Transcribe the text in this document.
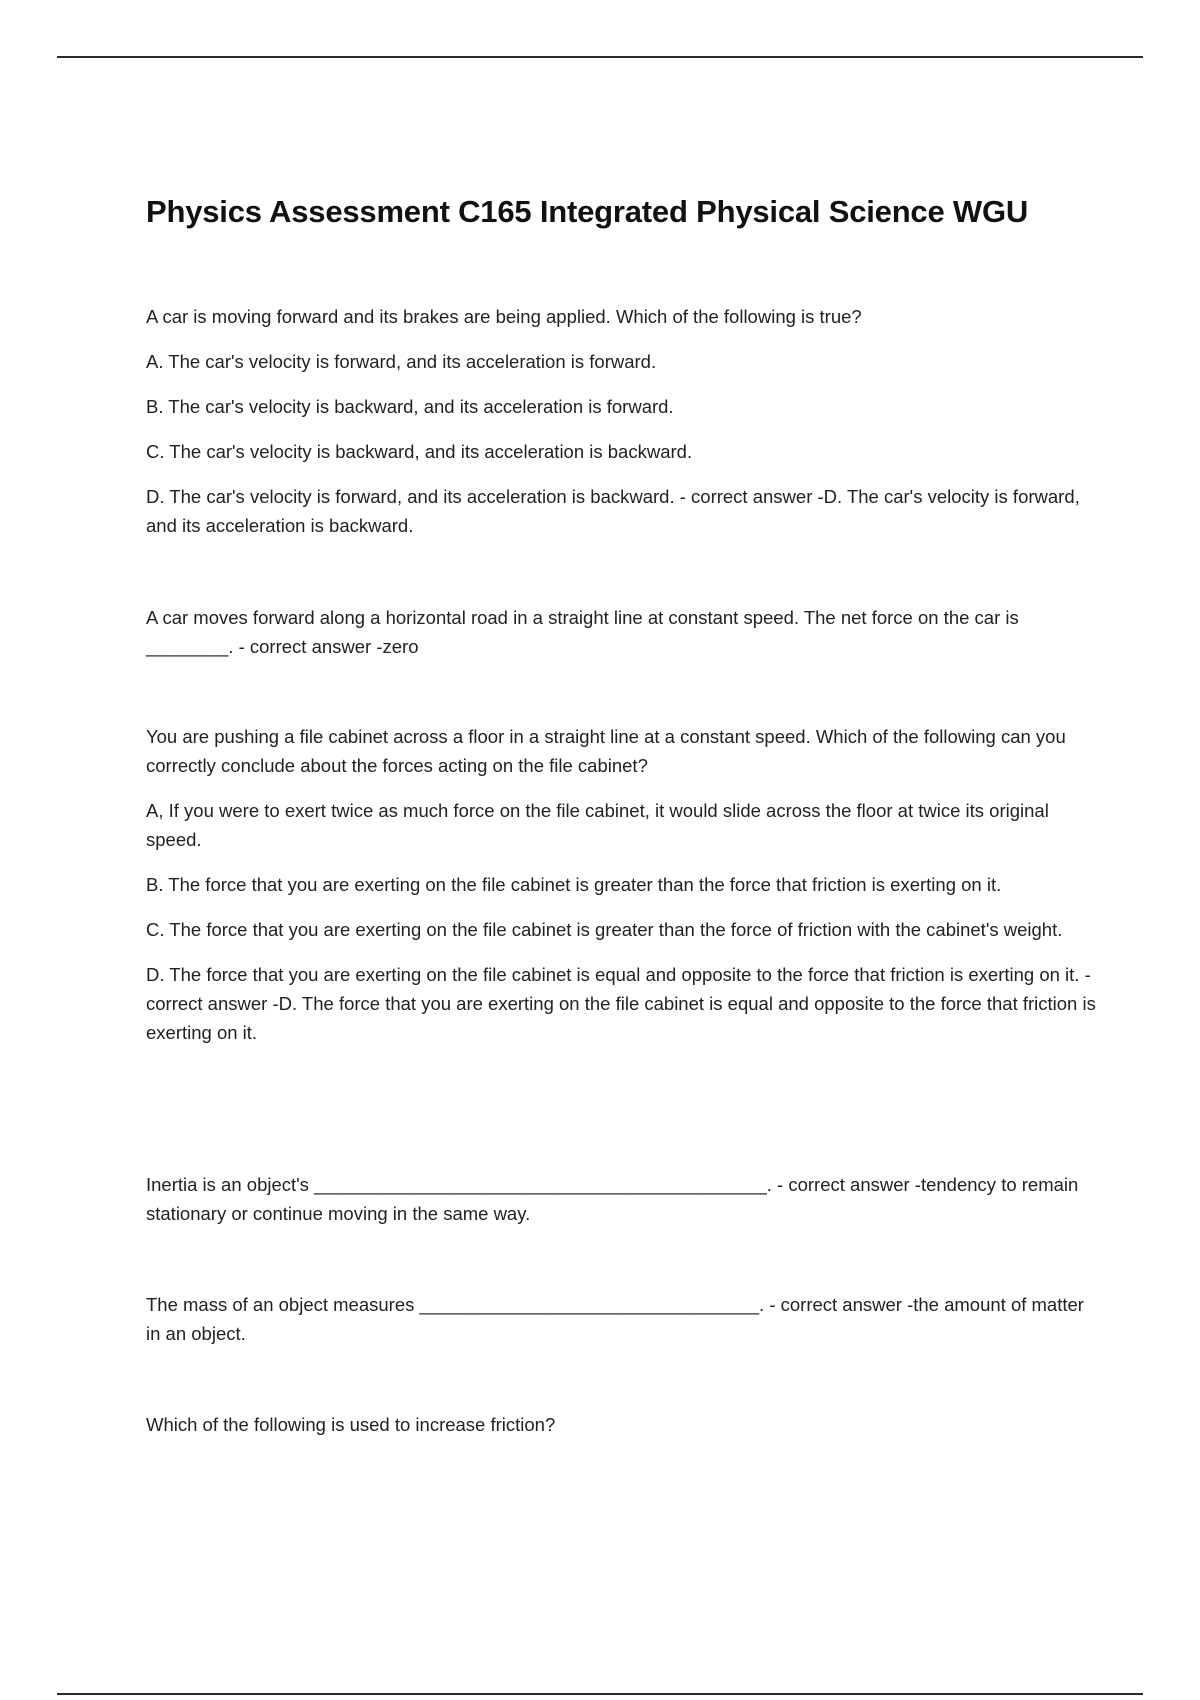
Physics Assessment C165 Integrated Physical Science WGU

A car is moving forward and its brakes are being applied. Which of the following is true?

A. The car's velocity is forward, and its acceleration is forward.

B. The car's velocity is backward, and its acceleration is forward.

C. The car's velocity is backward, and its acceleration is backward.

D. The car's velocity is forward, and its acceleration is backward. - correct answer -D. The car's velocity is forward, and its acceleration is backward.

A car moves forward along a horizontal road in a straight line at constant speed. The net force on the car is ________. - correct answer -zero

You are pushing a file cabinet across a floor in a straight line at a constant speed. Which of the following can you correctly conclude about the forces acting on the file cabinet?

A, If you were to exert twice as much force on the file cabinet, it would slide across the floor at twice its original speed.

B. The force that you are exerting on the file cabinet is greater than the force that friction is exerting on it.

C. The force that you are exerting on the file cabinet is greater than the force of friction with the cabinet's weight.

D. The force that you are exerting on the file cabinet is equal and opposite to the force that friction is exerting on it. - correct answer -D. The force that you are exerting on the file cabinet is equal and opposite to the force that friction is exerting on it.

Inertia is an object's ____________________________________________. - correct answer -tendency to remain stationary or continue moving in the same way.

The mass of an object measures _________________________________. - correct answer -the amount of matter in an object.

Which of the following is used to increase friction?
